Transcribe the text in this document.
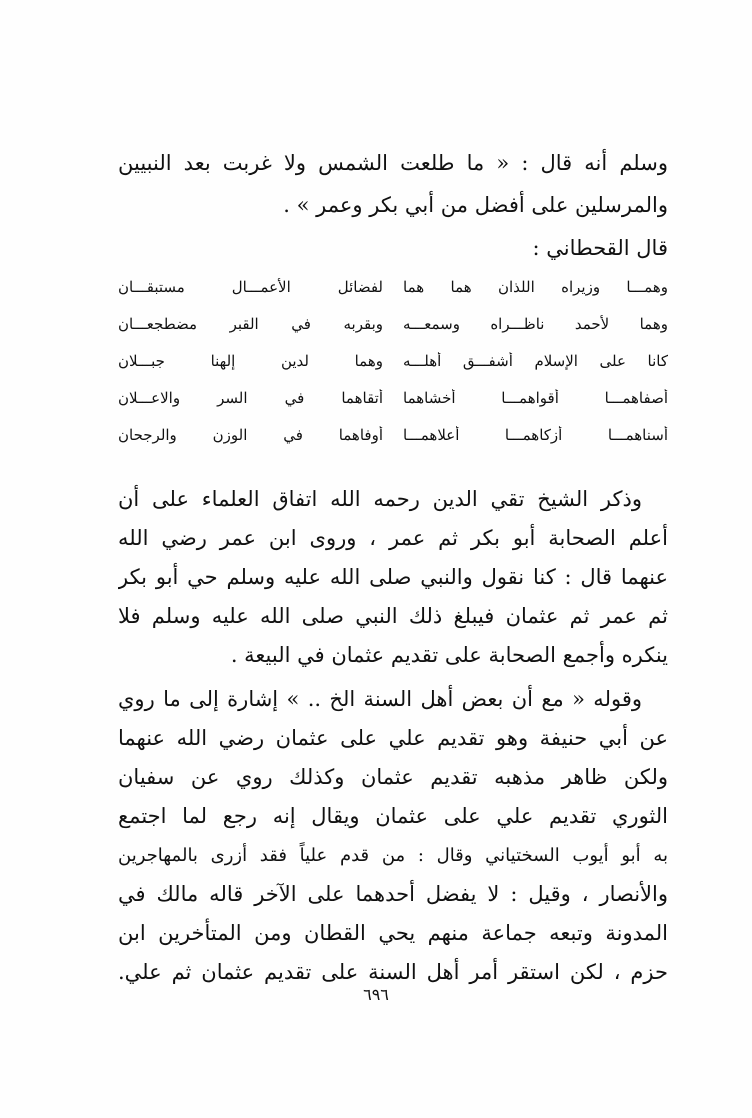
وسلم أنه قال : « ما طلعت الشمس ولا غربت بعد النبيين
والمرسلين على أفضل من أبي بكر وعمر » .
قال القحطاني :
وهمـــا وزيراه اللذان هما هما
لفضائل الأعمـــال مستبقـــان
وهما لأحمد ناظـــراه وسمعـــه
وبقربه في القبر مضطجعـــان
كانا على الإسلام أشفـــق أهلـــه
وهما لدين إلهنا جبـــلان
أصفاهمـــا أقواهمـــا أخشاهما
أتقاهما في السر والاعـــلان
أسناهمـــا أزكاهمـــا أعلاهمـــا
أوفاهما في الوزن والرجحان
وذكر الشيخ تقي الدين رحمه الله اتفاق العلماء على أن
أعلم الصحابة أبو بكر ثم عمر ، وروى ابن عمر رضي الله
عنهما قال : كنا نقول والنبي صلى الله عليه وسلم حي أبو بكر
ثم عمر ثم عثمان فيبلغ ذلك النبي صلى الله عليه وسلم فلا
ينكره وأجمع الصحابة على تقديم عثمان في البيعة .
وقوله « مع أن بعض أهل السنة الخ .. » إشارة إلى ما روي
عن أبي حنيفة وهو تقديم علي على عثمان رضي الله عنهما
ولكن ظاهر مذهبه تقديم عثمان وكذلك روي عن سفيان
الثوري تقديم علي على عثمان ويقال إنه رجع لما اجتمع
به أبو أيوب السختياني وقال : من قدم علياً فقد أزرى بالمهاجرين
والأنصار ، وقيل : لا يفضل أحدهما على الآخر قاله مالك في
المدونة وتبعه جماعة منهم يحي القطان ومن المتأخرين ابن
حزم ، لكن استقر أمر أهل السنة على تقديم عثمان ثم علي.
٦٩٦
